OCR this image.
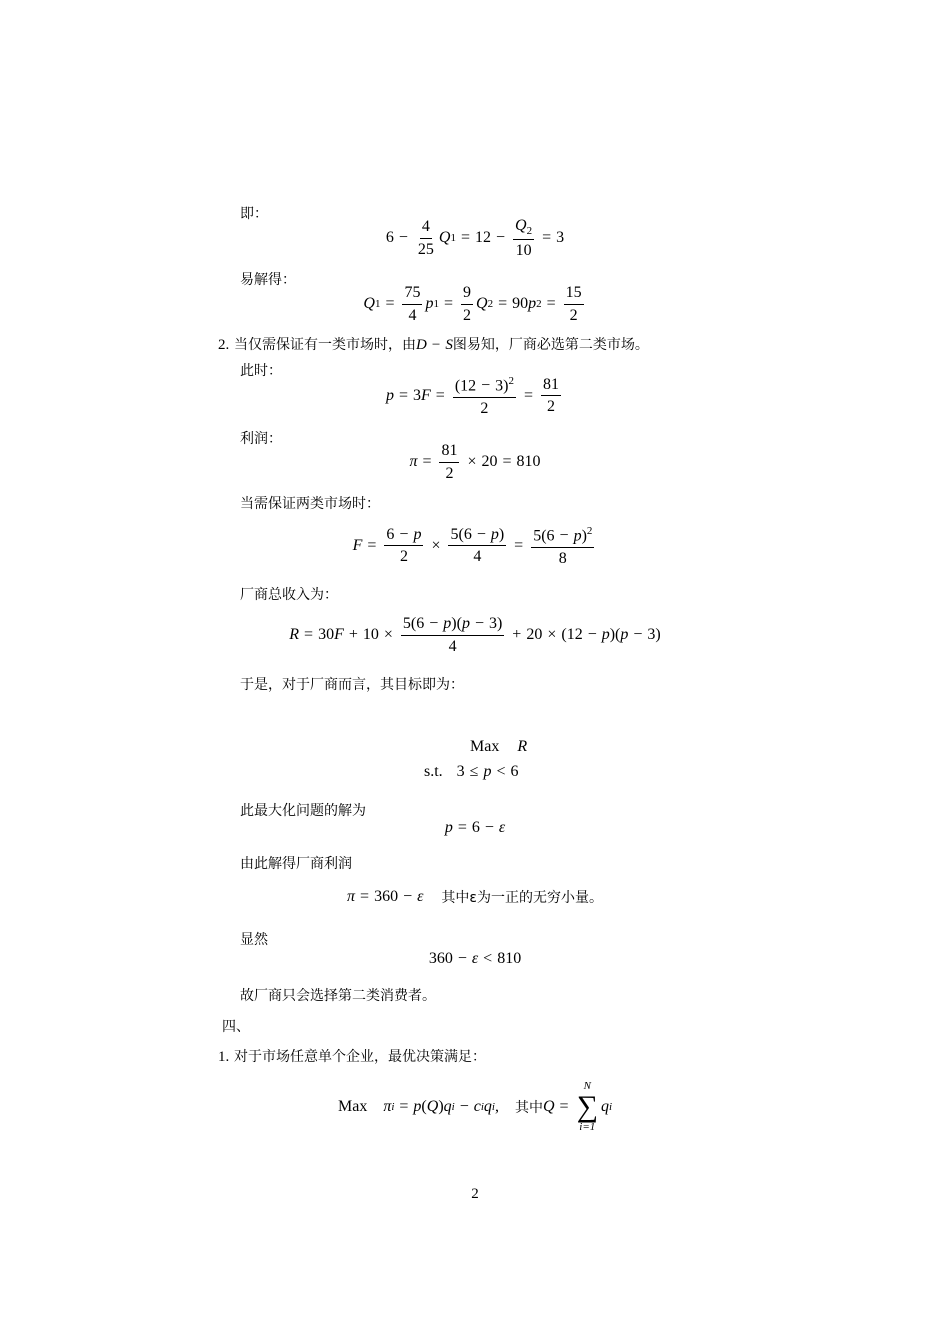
即：
$6 - \frac{4}{25}$ Q $1 = 12 - \frac{Q_2}{10} = 3$
易解得：
Q $1 = \frac{75}{4}$ p $1 = \frac{9}{2}$ Q 2 = 90 p $2 = \frac{15}{2}$
2. 当仅需保证有一类市场时，由 D − S 图易知，厂商必选第二类市场。
此时：
p = 3 $F = \frac{(12 - 3)^2}{2} = \frac{81}{2}$
利润：
$\pi = \frac{81}{2} \times 20 = 810$
当需保证两类市场时：
$F = \frac{6 - p}{2} \times \frac{5(6 - p)}{4} = \frac{5(6 - p)^2}{8}$
厂商总收入为：
R = 30 $F + 10 \times \frac{5(6 - p)(p - 3)}{4} + 20 \times (12 - p$ )( p − 3)
于是，对于厂商而言，其目标即为：
Max R

s.t. 3 ≤ p < 6
此最大化问题的解为
p = 6 − ε
由此解得厂商利润
π = 360 − ε 其中ε为一正的无穷小量。
显然
360 − ε < 810
故厂商只会选择第二类消费者。
四、
1. 对于市场任意单个企业，最优决策满足：
Max π i = p ( Q ) q i − c i q i , 其中 Q =
N
∑
i=1
q i
2
